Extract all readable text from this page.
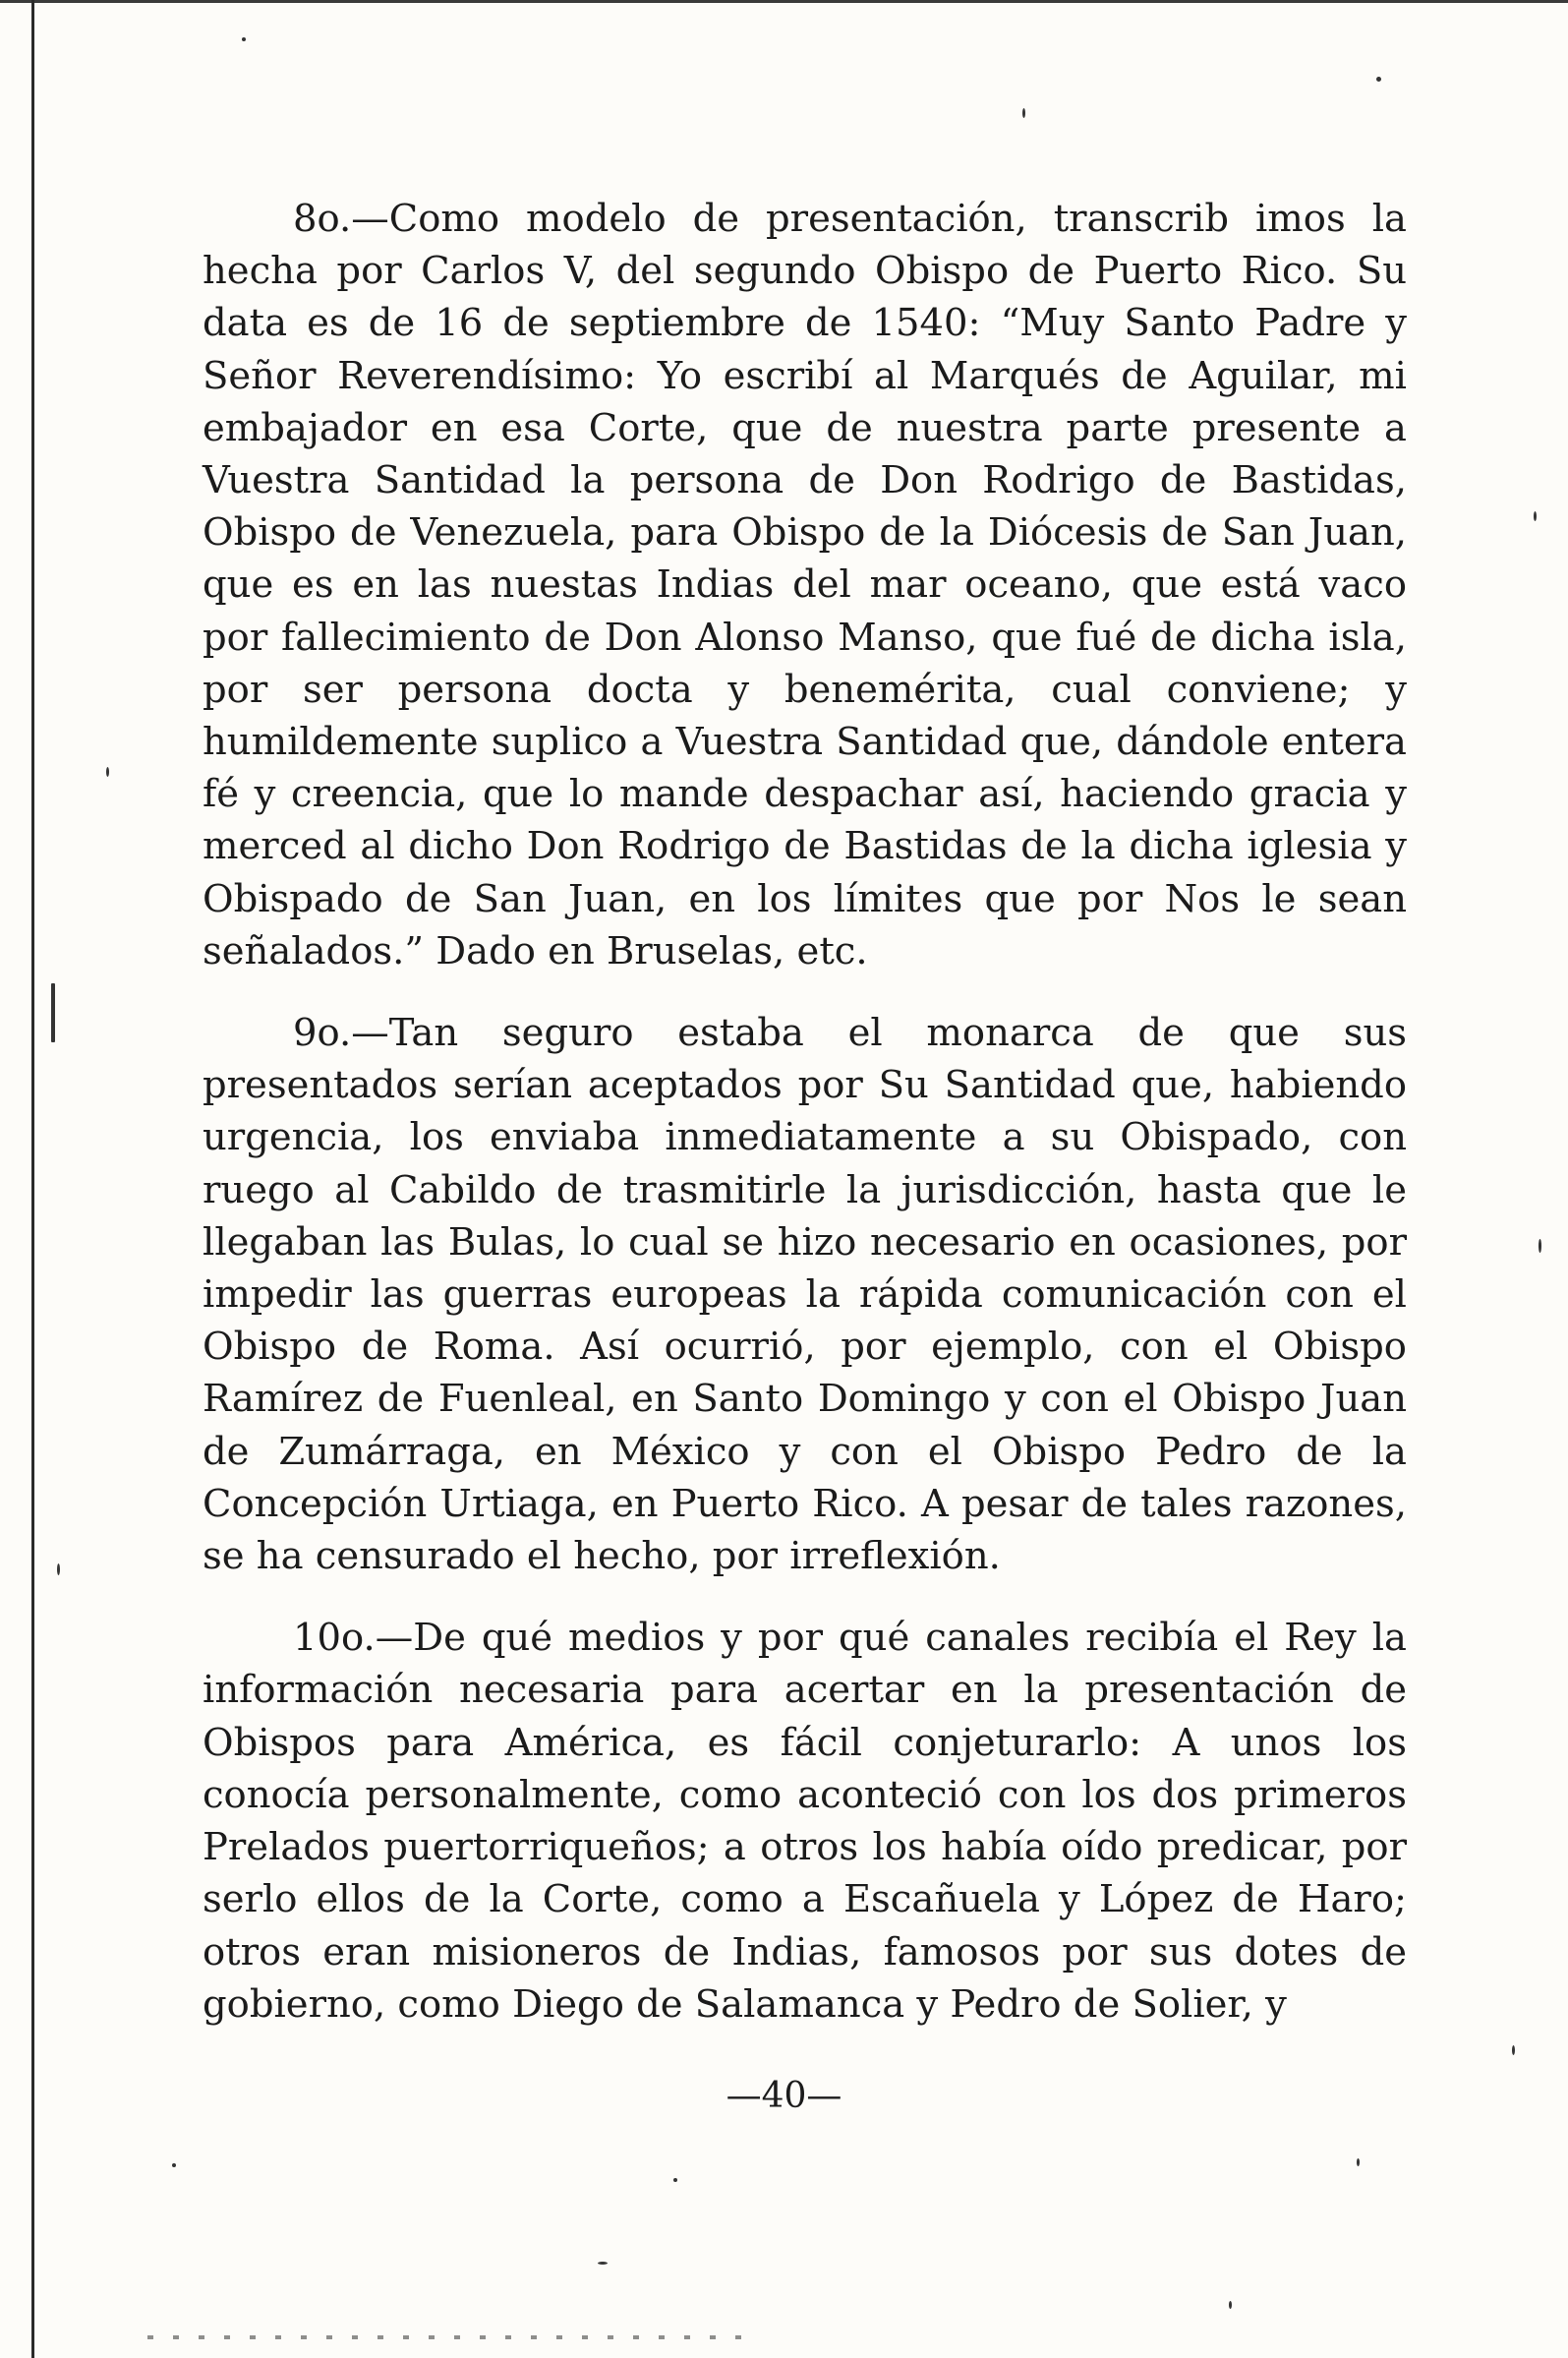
8o.—Como modelo de presentación, transcrib imos la hecha por Carlos V, del segundo Obispo de Puerto Rico. Su data es de 16 de septiembre de 1540: “Muy Santo Padre y Señor Reverendísimo: Yo escribí al Marqués de Aguilar, mi embajador en esa Corte, que de nuestra parte presente a Vuestra Santidad la persona de Don Rodrigo de Bastidas, Obispo de Venezuela, para Obispo de la Diócesis de San Juan, que es en las nuestas Indias del mar oceano, que está vaco por fallecimiento de Don Alonso Manso, que fué de dicha isla, por ser persona docta y benemérita, cual conviene; y humildemente suplico a Vuestra Santidad que, dándole entera fé y creencia, que lo mande despachar así, haciendo gracia y merced al dicho Don Rodrigo de Bastidas de la dicha iglesia y Obispado de San Juan, en los límites que por Nos le sean señalados.” Dado en Bruselas, etc.

9o.—Tan seguro estaba el monarca de que sus presentados serían aceptados por Su Santidad que, habiendo urgencia, los enviaba inmediatamente a su Obispado, con ruego al Cabildo de trasmitirle la jurisdicción, hasta que le llegaban las Bulas, lo cual se hizo necesario en ocasiones, por impedir las guerras europeas la rápida comunicación con el Obispo de Roma. Así ocurrió, por ejemplo, con el Obispo Ramírez de Fuenleal, en Santo Domingo y con el Obispo Juan de Zumárraga, en México y con el Obispo Pedro de la Concepción Urtiaga, en Puerto Rico. A pesar de tales razones, se ha censurado el hecho, por irreflexión.

10o.—De qué medios y por qué canales recibía el Rey la información necesaria para acertar en la presentación de Obispos para América, es fácil conjeturarlo: A unos los conocía personalmente, como aconteció con los dos primeros Prelados puertorriqueños; a otros los había oído predicar, por serlo ellos de la Corte, como a Escañuela y López de Haro; otros eran misioneros de Indias, famosos por sus dotes de gobierno, como Diego de Salamanca y Pedro de Solier, y

—40—
